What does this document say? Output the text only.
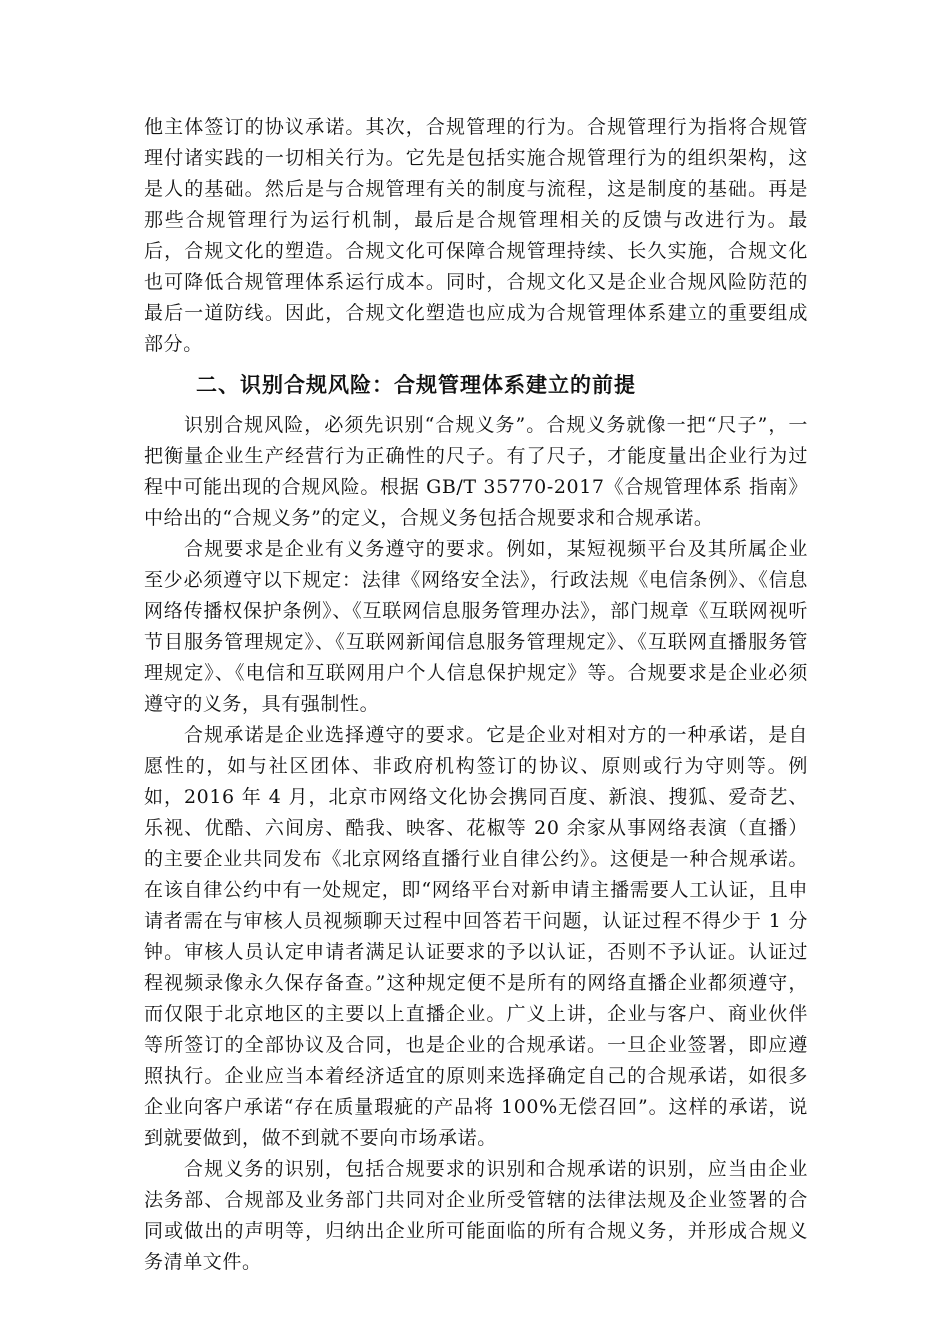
他主体签订的协议承诺。其次，合规管理的行为。合规管理行为指将合规管理付诸实践的一切相关行为。它先是包括实施合规管理行为的组织架构，这是人的基础。然后是与合规管理有关的制度与流程，这是制度的基础。再是那些合规管理行为运行机制，最后是合规管理相关的反馈与改进行为。最后，合规文化的塑造。合规文化可保障合规管理持续、长久实施，合规文化也可降低合规管理体系运行成本。同时，合规文化又是企业合规风险防范的最后一道防线。因此，合规文化塑造也应成为合规管理体系建立的重要组成部分。

二、识别合规风险：合规管理体系建立的前提

识别合规风险，必须先识别“合规义务”。合规义务就像一把“尺子”，一把衡量企业生产经营行为正确性的尺子。有了尺子，才能度量出企业行为过程中可能出现的合规风险。根据 GB/T 35770-2017《合规管理体系 指南》中给出的“合规义务”的定义，合规义务包括合规要求和合规承诺。

合规要求是企业有义务遵守的要求。例如，某短视频平台及其所属企业至少必须遵守以下规定：法律《网络安全法》，行政法规《电信条例》、《信息网络传播权保护条例》、《互联网信息服务管理办法》，部门规章《互联网视听节目服务管理规定》、《互联网新闻信息服务管理规定》、《互联网直播服务管理规定》、《电信和互联网用户个人信息保护规定》等。合规要求是企业必须遵守的义务，具有强制性。

合规承诺是企业选择遵守的要求。它是企业对相对方的一种承诺，是自愿性的，如与社区团体、非政府机构签订的协议、原则或行为守则等。例如，2016 年 4 月，北京市网络文化协会携同百度、新浪、搜狐、爱奇艺、乐视、优酷、六间房、酷我、映客、花椒等 20 余家从事网络表演（直播）的主要企业共同发布《北京网络直播行业自律公约》。这便是一种合规承诺。在该自律公约中有一处规定，即“网络平台对新申请主播需要人工认证，且申请者需在与审核人员视频聊天过程中回答若干问题，认证过程不得少于 1 分钟。审核人员认定申请者满足认证要求的予以认证，否则不予认证。认证过程视频录像永久保存备查。”这种规定便不是所有的网络直播企业都须遵守，而仅限于北京地区的主要以上直播企业。广义上讲，企业与客户、商业伙伴等所签订的全部协议及合同，也是企业的合规承诺。一旦企业签署，即应遵照执行。企业应当本着经济适宜的原则来选择确定自己的合规承诺，如很多企业向客户承诺“存在质量瑕疵的产品将 100%无偿召回”。这样的承诺，说到就要做到，做不到就不要向市场承诺。

合规义务的识别，包括合规要求的识别和合规承诺的识别，应当由企业法务部、合规部及业务部门共同对企业所受管辖的法律法规及企业签署的合同或做出的声明等，归纳出企业所可能面临的所有合规义务，并形成合规义务清单文件。
